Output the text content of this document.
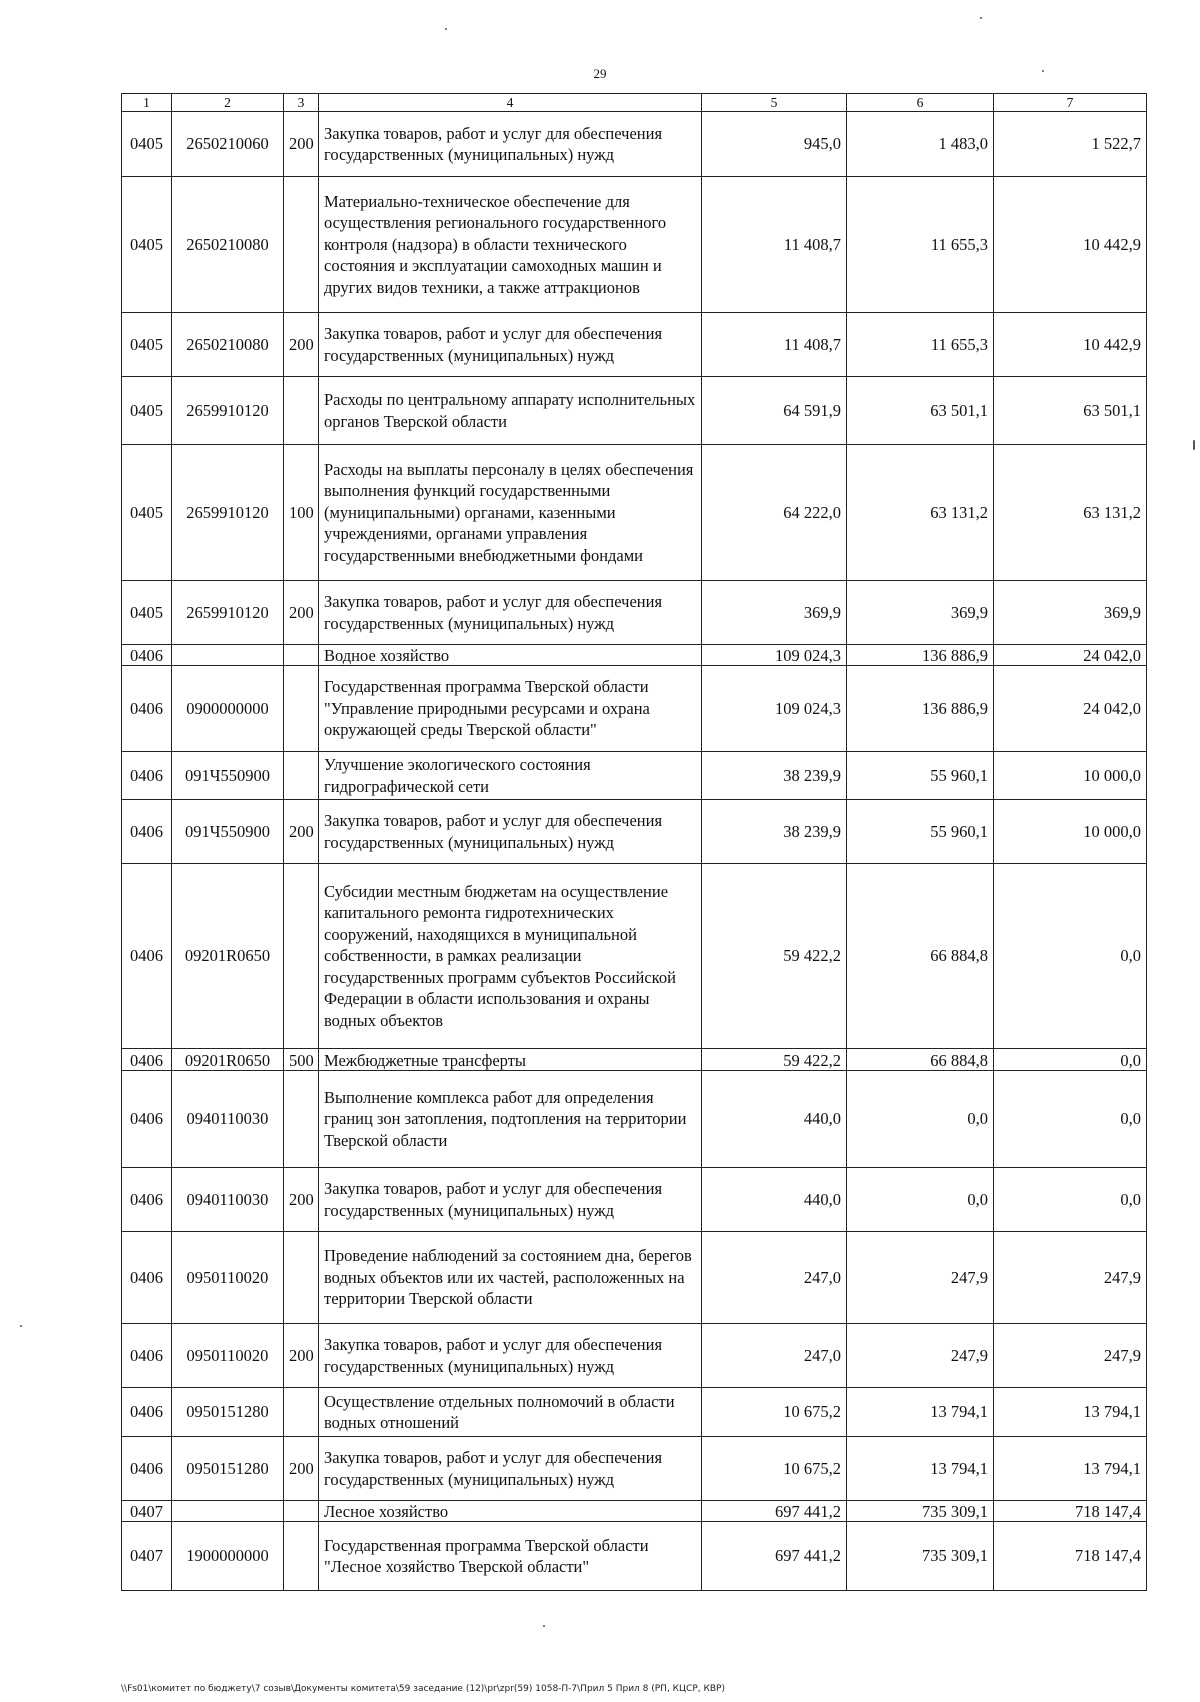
29
1	2	3	4	5	6	7
0405	2650210060	200	Закупка товаров, работ и услуг для обеспечения государственных (муниципальных) нужд	945,0	1 483,0	1 522,7
0405	2650210080		Материально-техническое обеспечение для осуществления регионального государственного контроля (надзора) в области технического состояния и эксплуатации самоходных машин и других видов техники, а также аттракционов	11 408,7	11 655,3	10 442,9
0405	2650210080	200	Закупка товаров, работ и услуг для обеспечения государственных (муниципальных) нужд	11 408,7	11 655,3	10 442,9
0405	2659910120		Расходы по центральному аппарату исполнительных органов Тверской области	64 591,9	63 501,1	63 501,1
0405	2659910120	100	Расходы на выплаты персоналу в целях обеспечения выполнения функций государственными (муниципальными) органами, казенными учреждениями, органами управления государственными внебюджетными фондами	64 222,0	63 131,2	63 131,2
0405	2659910120	200	Закупка товаров, работ и услуг для обеспечения государственных (муниципальных) нужд	369,9	369,9	369,9
0406			Водное хозяйство	109 024,3	136 886,9	24 042,0
0406	0900000000		Государственная программа Тверской области "Управление природными ресурсами и охрана окружающей среды Тверской области"	109 024,3	136 886,9	24 042,0
0406	091Ч550900		Улучшение экологического состояния гидрографической сети	38 239,9	55 960,1	10 000,0
0406	091Ч550900	200	Закупка товаров, работ и услуг для обеспечения государственных (муниципальных) нужд	38 239,9	55 960,1	10 000,0
0406	09201R0650		Субсидии местным бюджетам на осуществление капитального ремонта гидротехнических сооружений, находящихся в муниципальной собственности, в рамках реализации государственных программ субъектов Российской Федерации в области использования и охраны водных объектов	59 422,2	66 884,8	0,0
0406	09201R0650	500	Межбюджетные трансферты	59 422,2	66 884,8	0,0
0406	0940110030		Выполнение комплекса работ для определения границ зон затопления, подтопления на территории Тверской области	440,0	0,0	0,0
0406	0940110030	200	Закупка товаров, работ и услуг для обеспечения государственных (муниципальных) нужд	440,0	0,0	0,0
0406	0950110020		Проведение наблюдений за состоянием дна, берегов водных объектов или их частей, расположенных на территории Тверской области	247,0	247,9	247,9
0406	0950110020	200	Закупка товаров, работ и услуг для обеспечения государственных (муниципальных) нужд	247,0	247,9	247,9
0406	0950151280		Осуществление отдельных полномочий в области водных отношений	10 675,2	13 794,1	13 794,1
0406	0950151280	200	Закупка товаров, работ и услуг для обеспечения государственных (муниципальных) нужд	10 675,2	13 794,1	13 794,1
0407			Лесное хозяйство	697 441,2	735 309,1	718 147,4
0407	1900000000		Государственная программа Тверской области "Лесное хозяйство Тверской области"	697 441,2	735 309,1	718 147,4
\\Fs01\комитет по бюджету\7 созыв\Документы комитета\59 заседание (12)\pr\zpr(59) 1058-П-7\Прил 5 Прил 8 (РП, КЦСР, КВР)
